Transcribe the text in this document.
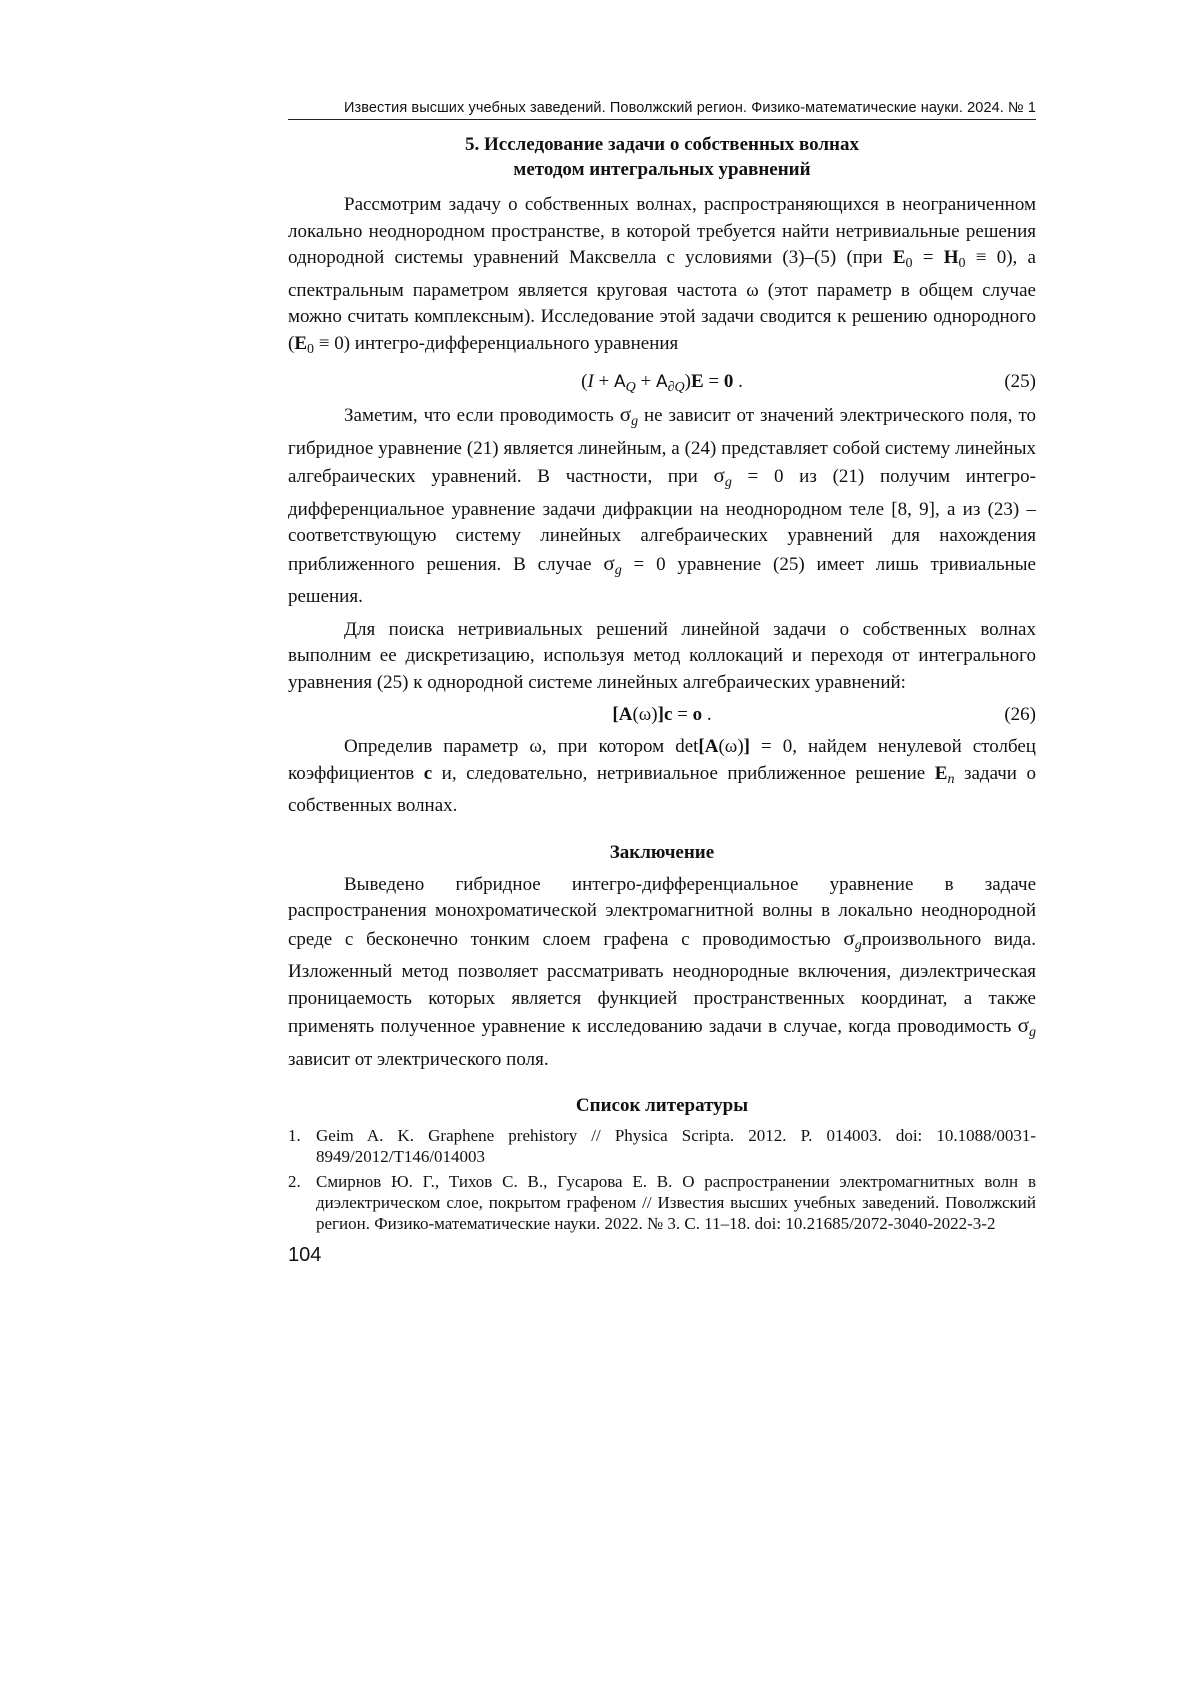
Известия высших учебных заведений. Поволжский регион. Физико-математические науки. 2024. № 1
5. Исследование задачи о собственных волнах
методом интегральных уравнений

Рассмотрим задачу о собственных волнах, распространяющихся в неограниченном локально неоднородном пространстве, в которой требуется найти нетривиальные решения однородной системы уравнений Максвелла с условиями (3)–(5) (при $E_0 = H_0 \equiv 0$), а спектральным параметром является круговая частота ω (этот параметр в общем случае можно считать комплексным). Исследование этой задачи сводится к решению однородного $(E_0 \equiv 0)$ интегро-дифференциального уравнения

$(I + A_Q + A_{\partial Q})E = 0$ .	(25)

Заметим, что если проводимость $\sigma_g$ не зависит от значений электрического поля, то гибридное уравнение (21) является линейным, а (24) представляет собой систему линейных алгебраических уравнений. В частности, при $\sigma_g = 0$ из (21) получим интегро-дифференциальное уравнение задачи дифракции на неоднородном теле [8, 9], а из (23) – соответствующую систему линейных алгебраических уравнений для нахождения приближенного решения. В случае $\sigma_g = 0$ уравнение (25) имеет лишь тривиальные решения.

Для поиска нетривиальных решений линейной задачи о собственных волнах выполним ее дискретизацию, используя метод коллокаций и переходя от интегрального уравнения (25) к однородной системе линейных алгебраических уравнений:

[A(ω)]c = o .	(26)

Определив параметр ω, при котором det[A(ω)] = 0, найдем ненулевой столбец коэффициентов c и, следовательно, нетривиальное приближенное решение $E_n$ задачи о собственных волнах.

Заключение

Выведено гибридное интегро-дифференциальное уравнение в задаче распространения монохроматической электромагнитной волны в локально неоднородной среде с бесконечно тонким слоем графена с проводимостью $\sigma_gпроизвольного$ вида. Изложенный метод позволяет рассматривать неоднородные включения, диэлектрическая проницаемость которых является функцией пространственных координат, а также применять полученное уравнение к исследованию задачи в случае, когда проводимость $\sigma_g$ зависит от электрического поля.

Список литературы
1. Geim A. K. Graphene prehistory // Physica Scripta. 2012. P. 014003. doi: 10.1088/0031-8949/2012/T146/014003
2. Смирнов Ю. Г., Тихов С. В., Гусарова Е. В. О распространении электромагнитных волн в диэлектрическом слое, покрытом графеном // Известия высших учебных заведений. Поволжский регион. Физико-математические науки. 2022. № 3. С. 11–18. doi: 10.21685/2072-3040-2022-3-2
104
